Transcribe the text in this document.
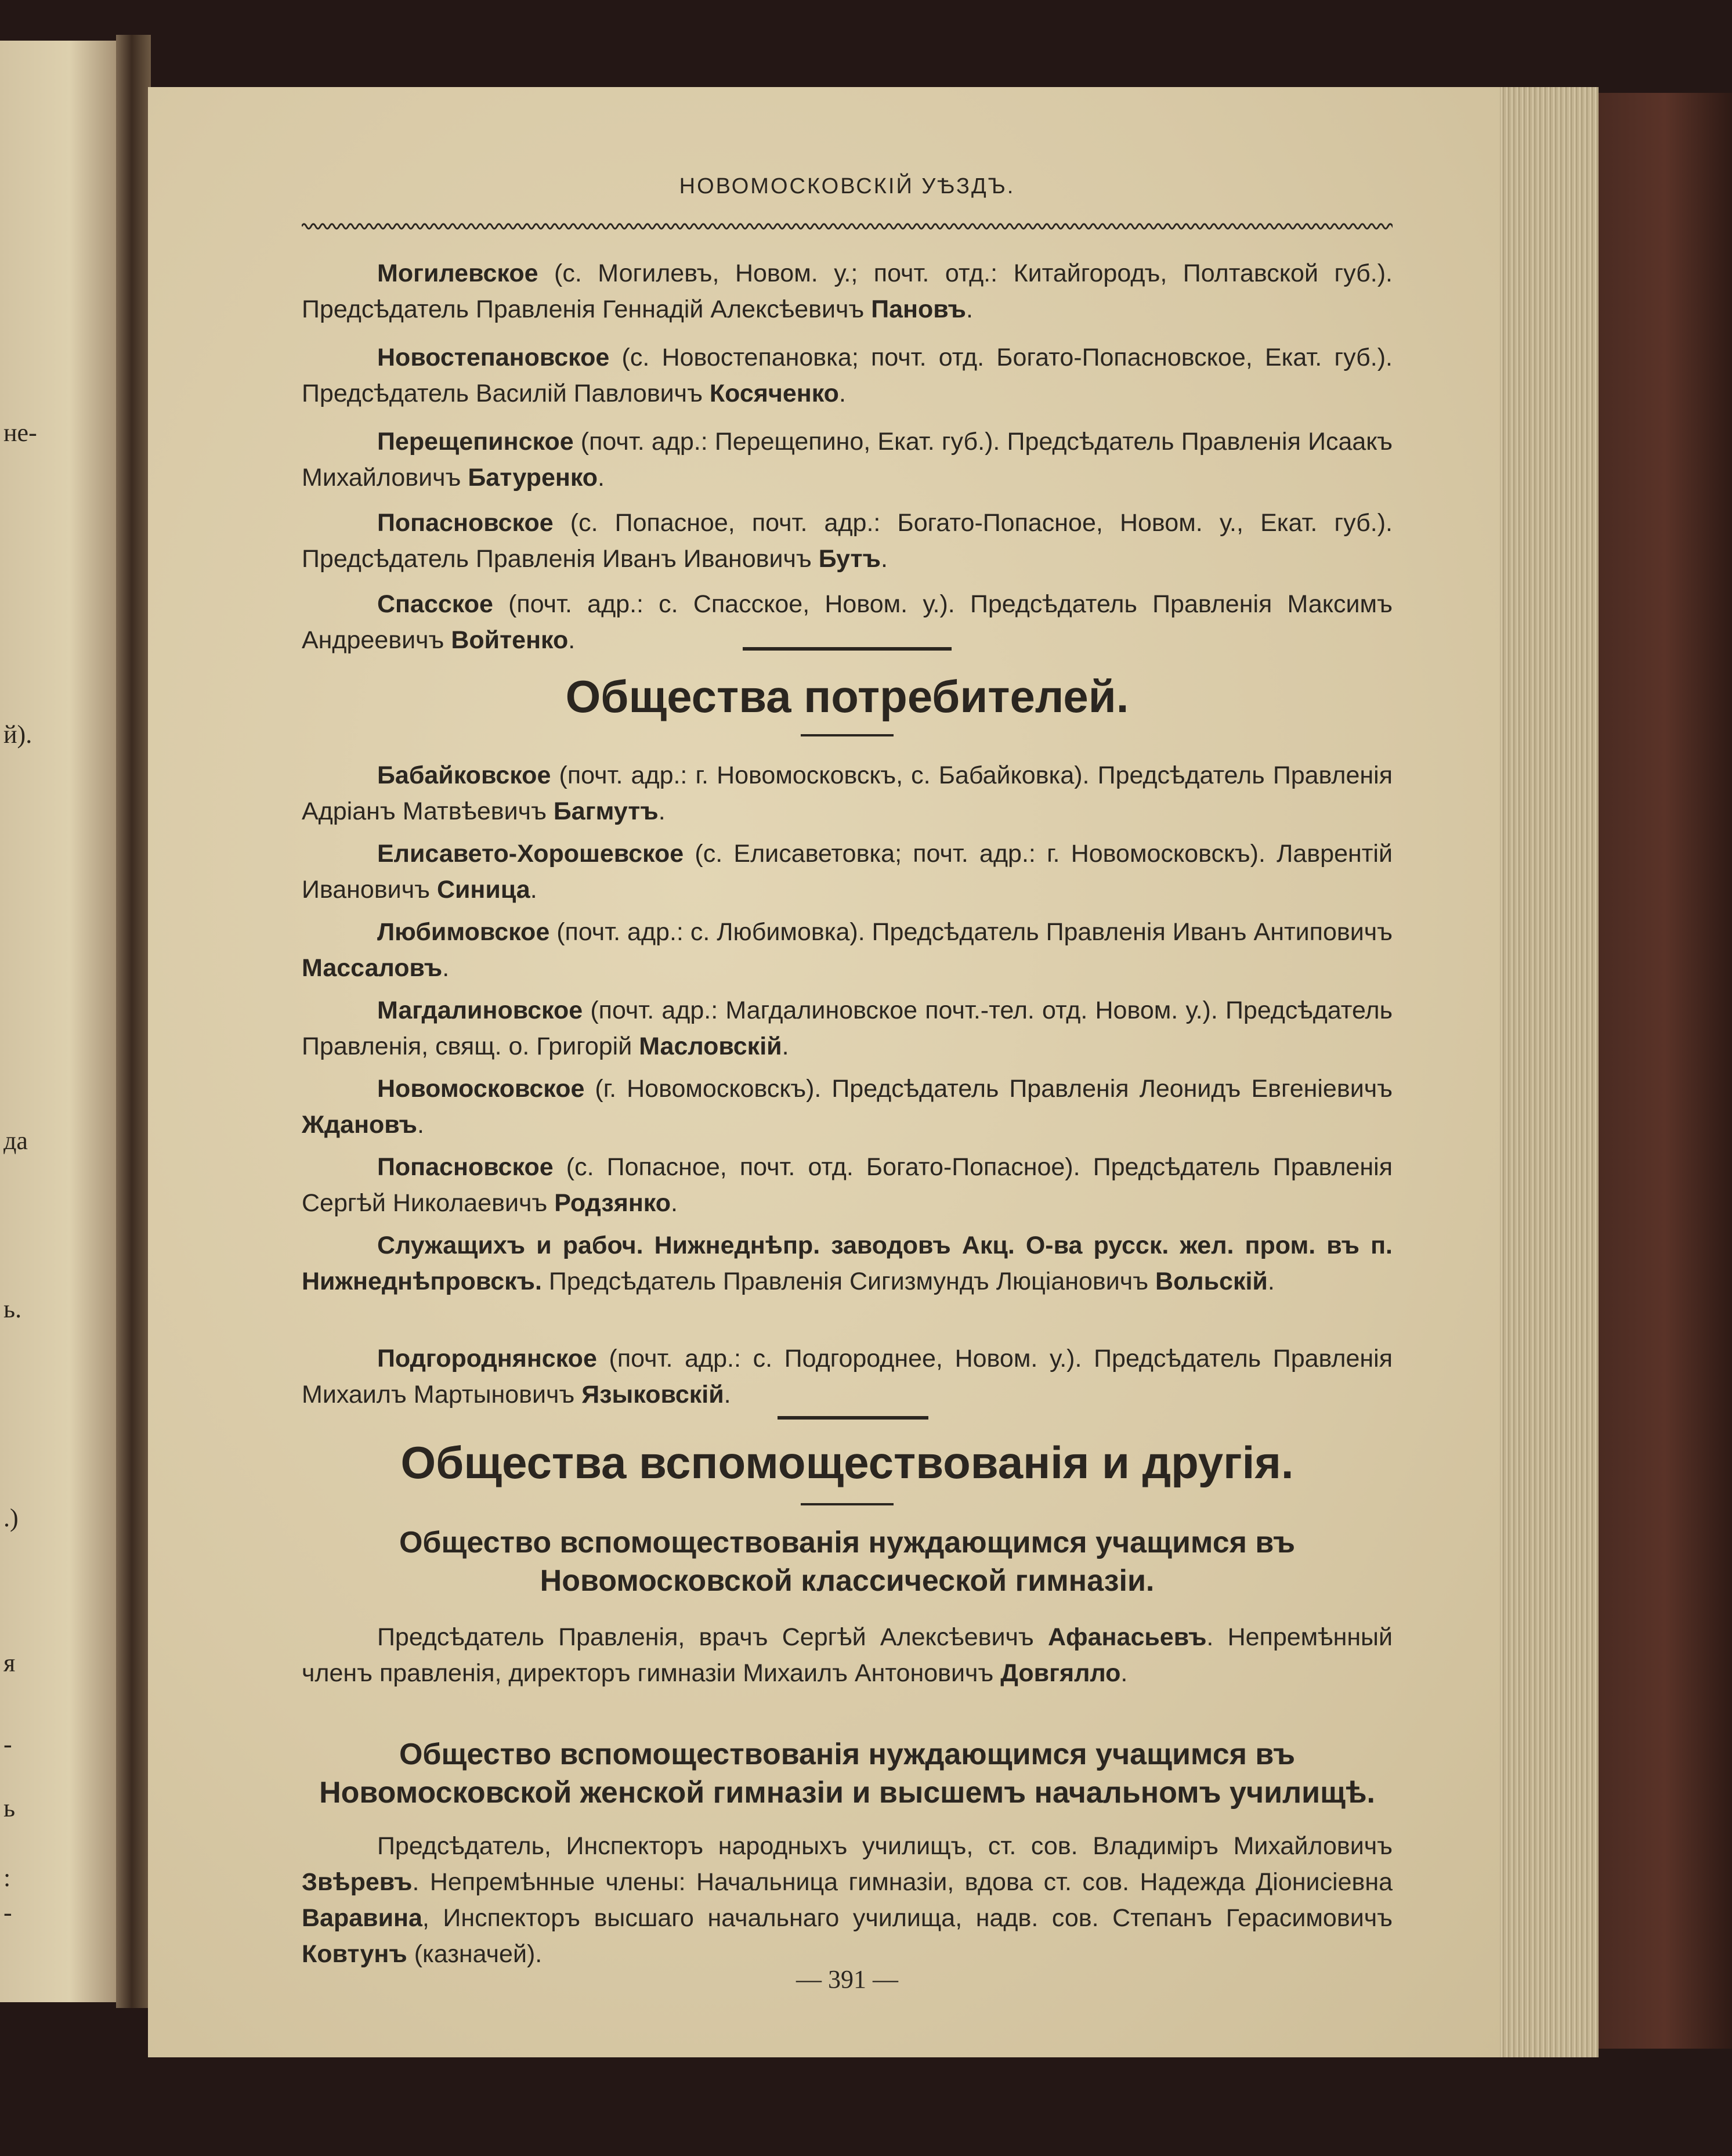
не-
й).
да
ь.
.)
я
-
ь
:
-
НОВОМОСКОВСКІЙ УѢЗДЪ.
Могилевское (с. Могилевъ, Новом. у.; почт. отд.: Китайгородъ, Полтавской губ.). Предсѣдатель Правленія Геннадій Алексѣевичъ Пановъ.
Новостепановское (с. Новостепановка; почт. отд. Богато-Попасновское, Екат. губ.). Предсѣдатель Василій Павловичъ Косяченко.
Перещепинское (почт. адр.: Перещепино, Екат. губ.). Предсѣдатель Правленія Исаакъ Михайловичъ Батуренко.
Попасновское (с. Попасное, почт. адр.: Богато-Попасное, Новом. у., Екат. губ.). Предсѣдатель Правленія Иванъ Ивановичъ Бутъ.
Спасское (почт. адр.: с. Спасское, Новом. у.). Предсѣдатель Правленія Максимъ Андреевичъ Войтенко.
Общества потребителей.
Бабайковское (почт. адр.: г. Новомосковскъ, с. Бабайковка). Предсѣдатель Правленія Адріанъ Матвѣевичъ Багмутъ.
Елисавето-Хорошевское (с. Елисаветовка; почт. адр.: г. Новомосковскъ). Лаврентій Ивановичъ Синица.
Любимовское (почт. адр.: с. Любимовка). Предсѣдатель Правленія Иванъ Антиповичъ Массаловъ.
Магдалиновское (почт. адр.: Магдалиновское почт.-тел. отд. Новом. у.). Предсѣдатель Правленія, свящ. о. Григорій Масловскій.
Новомосковское (г. Новомосковскъ). Предсѣдатель Правленія Леонидъ Евгеніевичъ Ждановъ.
Попасновское (с. Попасное, почт. отд. Богато-Попасное). Предсѣдатель Правленія Сергѣй Николаевичъ Родзянко.
Служащихъ и рабоч. Нижнеднѣпр. заводовъ Акц. О-ва русск. жел. пром. въ п. Нижнеднѣпровскъ. Предсѣдатель Правленія Сигизмундъ Люціановичъ Вольскій.
Подгороднянское (почт. адр.: с. Подгороднее, Новом. у.). Предсѣдатель Правленія Михаилъ Мартыновичъ Языковскій.
Общества вспомоществованія и другія.
Общество вспомоществованія нуждающимся учащимся въ Новомосковской классической гимназіи.
Предсѣдатель Правленія, врачъ Сергѣй Алексѣевичъ Афанасьевъ. Непремѣнный членъ правленія, директоръ гимназіи Михаилъ Антоновичъ Довгялло.
Общество вспомоществованія нуждающимся учащимся въ Новомосковской женской гимназіи и высшемъ начальномъ училищѣ.
Предсѣдатель, Инспекторъ народныхъ училищъ, ст. сов. Владиміръ Михайловичъ Звѣревъ. Непремѣнные члены: Начальница гимназіи, вдова ст. сов. Надежда Діонисіевна Варавина, Инспекторъ высшаго начальнаго училища, надв. сов. Степанъ Герасимовичъ Ковтунъ (казначей).
— 391 —
